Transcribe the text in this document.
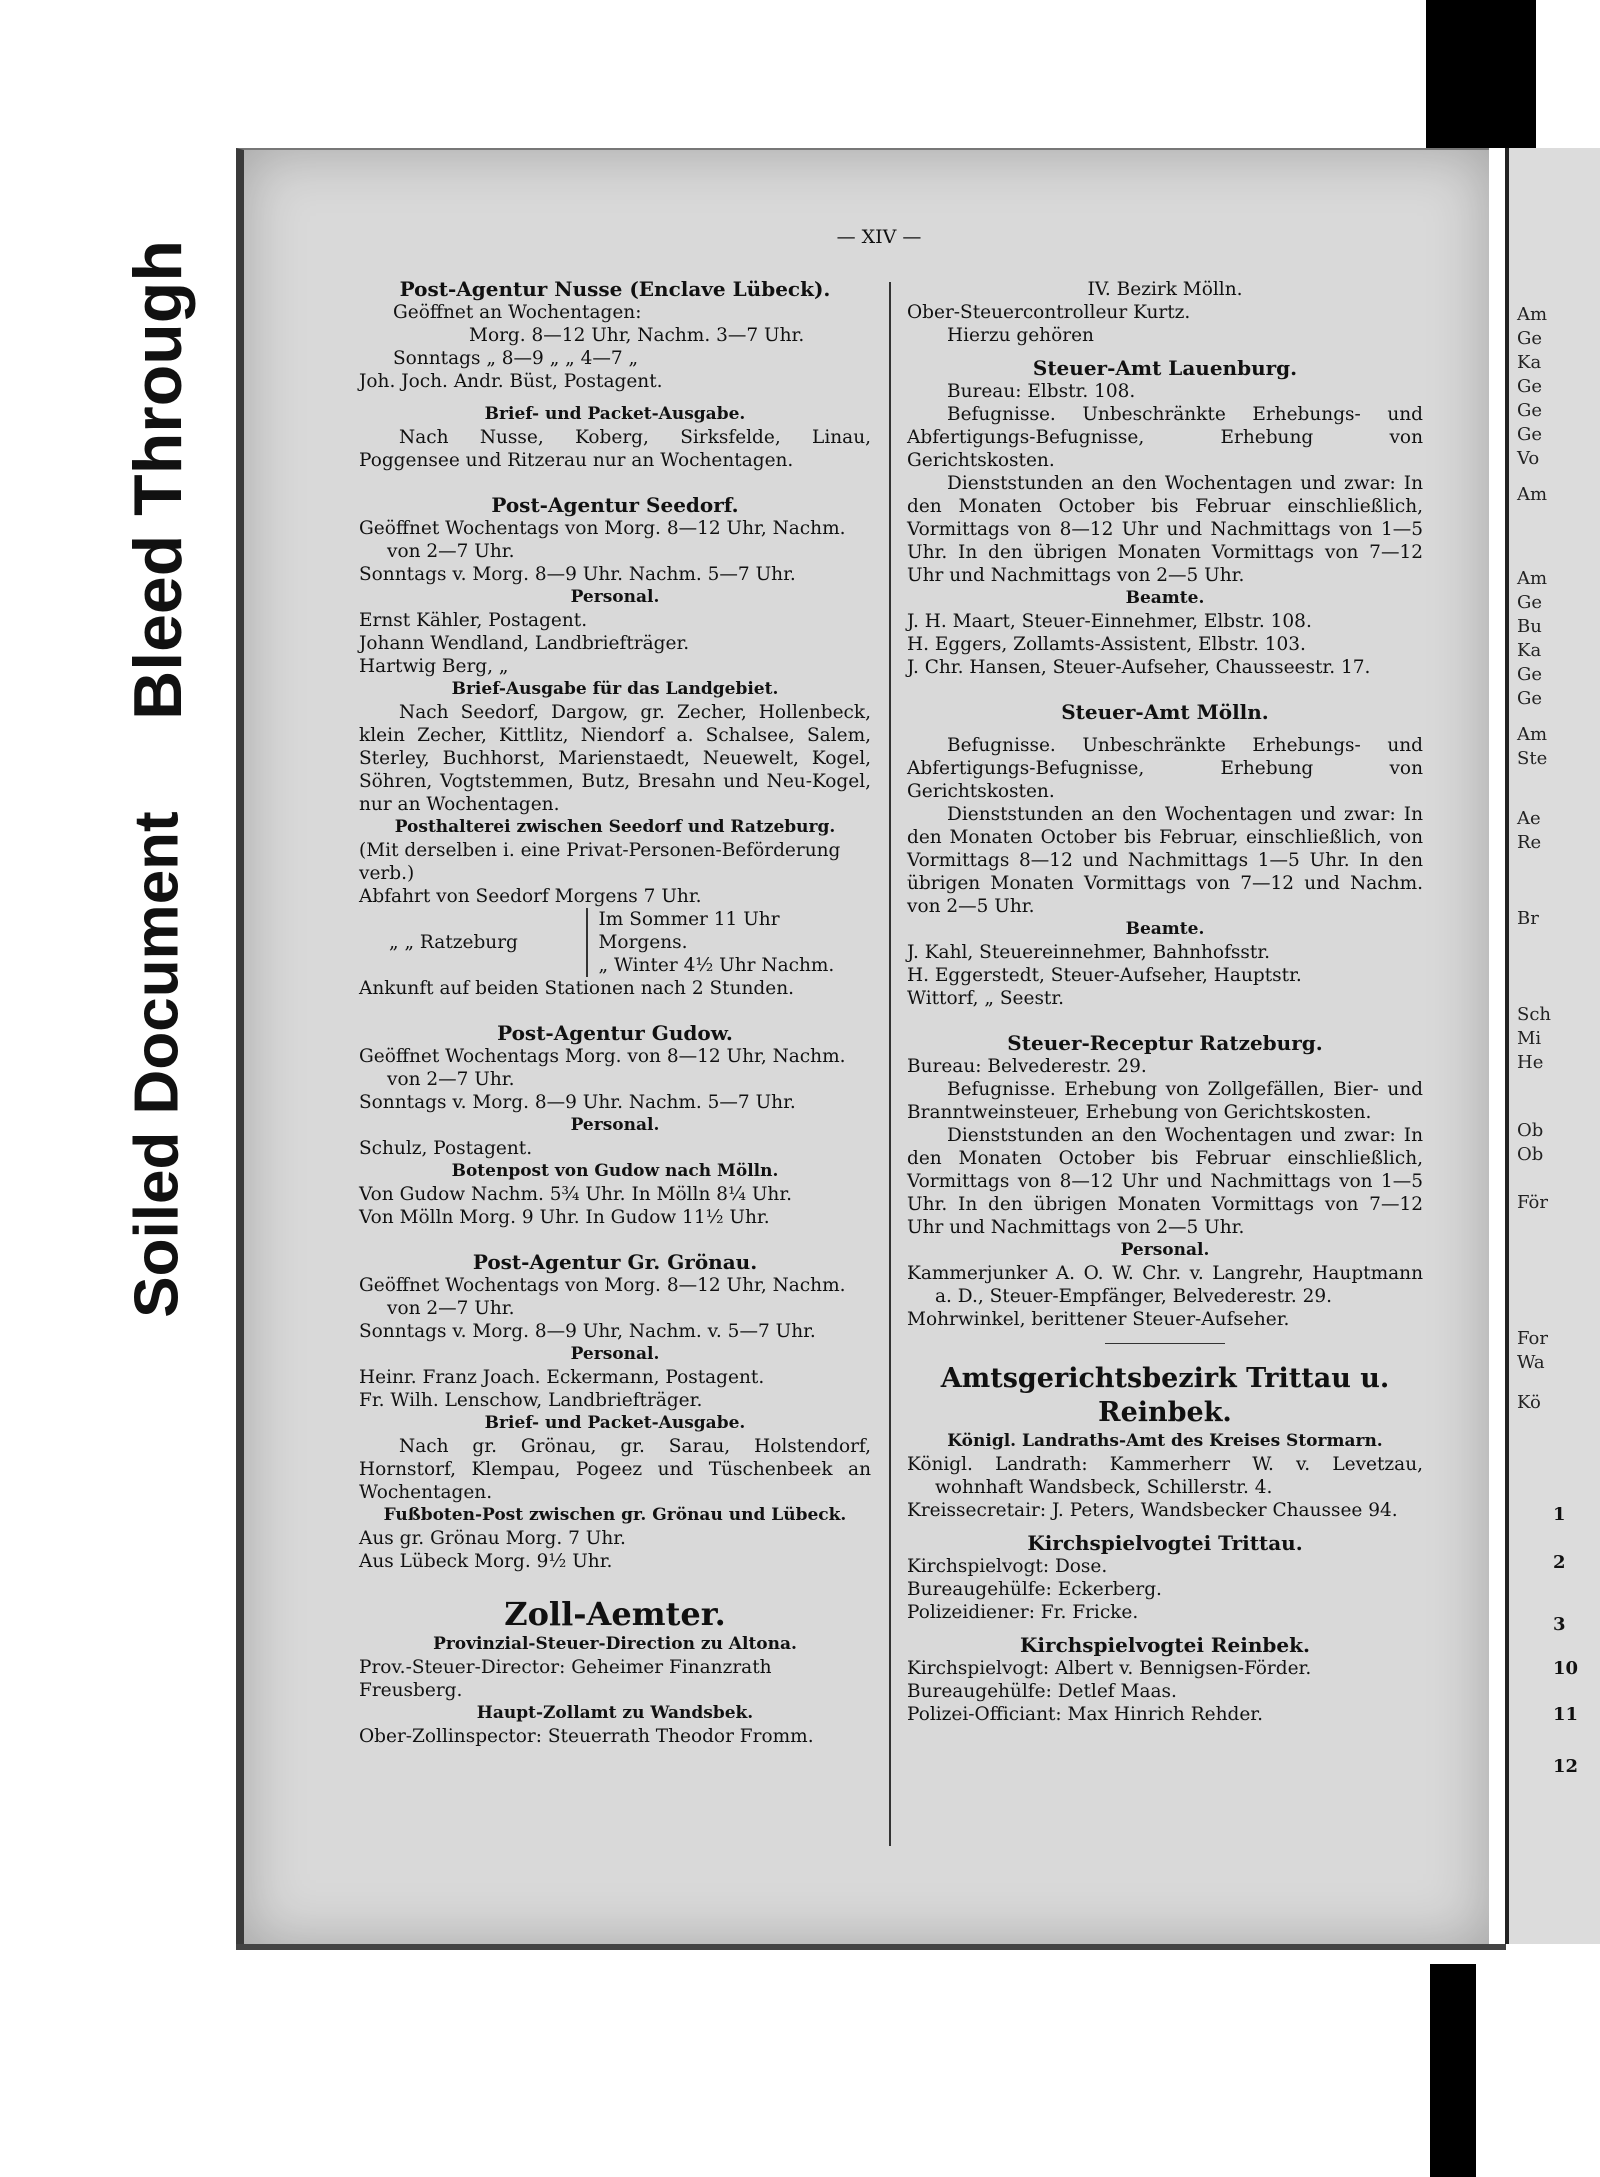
Bleed Through
Soiled Document
— XIV —

Post-Agentur Nusse (Enclave Lübeck).

Geöffnet an Wochentagen:

Morg. 8—12 Uhr, Nachm. 3—7 Uhr.

Sonntags „ 8—9 „ „ 4—7 „

Joh. Joch. Andr. Büst, Postagent.

Brief- und Packet-Ausgabe.

Nach Nusse, Koberg, Sirksfelde, Linau, Poggensee und Ritzerau nur an Wochentagen.

Post-Agentur Seedorf.

Geöffnet Wochentags von Morg. 8—12 Uhr, Nachm. von 2—7 Uhr.

Sonntags v. Morg. 8—9 Uhr. Nachm. 5—7 Uhr.

Personal.

Ernst Kähler, Postagent.

Johann Wendland, Landbriefträger.

Hartwig Berg, „

Brief-Ausgabe für das Landgebiet.

Nach Seedorf, Dargow, gr. Zecher, Hollenbeck, klein Zecher, Kittlitz, Niendorf a. Schalsee, Salem, Sterley, Buchhorst, Marienstaedt, Neuewelt, Kogel, Söhren, Vogtstemmen, Butz, Bresahn und Neu-Kogel, nur an Wochentagen.

Posthalterei zwischen Seedorf und Ratzeburg.

(Mit derselben i. eine Privat-Personen-Beförderung verb.)

Abfahrt von Seedorf Morgens 7 Uhr.

„ „ Ratzeburg

Im Sommer 11 Uhr Morgens.

„ Winter 4½ Uhr Nachm.

Ankunft auf beiden Stationen nach 2 Stunden.

Post-Agentur Gudow.

Geöffnet Wochentags Morg. von 8—12 Uhr, Nachm. von 2—7 Uhr.

Sonntags v. Morg. 8—9 Uhr. Nachm. 5—7 Uhr.

Personal.

Schulz, Postagent.

Botenpost von Gudow nach Mölln.

Von Gudow Nachm. 5¾ Uhr. In Mölln 8¼ Uhr.

Von Mölln Morg. 9 Uhr. In Gudow 11½ Uhr.

Post-Agentur Gr. Grönau.

Geöffnet Wochentags von Morg. 8—12 Uhr, Nachm. von 2—7 Uhr.

Sonntags v. Morg. 8—9 Uhr, Nachm. v. 5—7 Uhr.

Personal.

Heinr. Franz Joach. Eckermann, Postagent.

Fr. Wilh. Lenschow, Landbriefträger.

Brief- und Packet-Ausgabe.

Nach gr. Grönau, gr. Sarau, Holstendorf, Hornstorf, Klempau, Pogeez und Tüschenbeek an Wochentagen.

Fußboten-Post zwischen gr. Grönau und Lübeck.

Aus gr. Grönau Morg. 7 Uhr.

Aus Lübeck Morg. 9½ Uhr.

Zoll-Aemter.

Provinzial-Steuer-Direction zu Altona.

Prov.-Steuer-Director: Geheimer Finanzrath Freusberg.

Haupt-Zollamt zu Wandsbek.

Ober-Zollinspector: Steuerrath Theodor Fromm.

IV. Bezirk Mölln.

Ober-Steuercontrolleur Kurtz.

Hierzu gehören

Steuer-Amt Lauenburg.

Bureau: Elbstr. 108.

Befugnisse. Unbeschränkte Erhebungs- und Abfertigungs-Befugnisse, Erhebung von Gerichtskosten.

Dienststunden an den Wochentagen und zwar: In den Monaten October bis Februar einschließlich, Vormittags von 8—12 Uhr und Nachmittags von 1—5 Uhr. In den übrigen Monaten Vormittags von 7—12 Uhr und Nachmittags von 2—5 Uhr.

Beamte.

J. H. Maart, Steuer-Einnehmer, Elbstr. 108.

H. Eggers, Zollamts-Assistent, Elbstr. 103.

J. Chr. Hansen, Steuer-Aufseher, Chausseestr. 17.

Steuer-Amt Mölln.

Befugnisse. Unbeschränkte Erhebungs- und Abfertigungs-Befugnisse, Erhebung von Gerichtskosten.

Dienststunden an den Wochentagen und zwar: In den Monaten October bis Februar, einschließlich, von Vormittags 8—12 und Nachmittags 1—5 Uhr. In den übrigen Monaten Vormittags von 7—12 und Nachm. von 2—5 Uhr.

Beamte.

J. Kahl, Steuereinnehmer, Bahnhofsstr.

H. Eggerstedt, Steuer-Aufseher, Hauptstr.

Wittorf, „ Seestr.

Steuer-Receptur Ratzeburg.

Bureau: Belvederestr. 29.

Befugnisse. Erhebung von Zollgefällen, Bier- und Branntweinsteuer, Erhebung von Gerichtskosten.

Dienststunden an den Wochentagen und zwar: In den Monaten October bis Februar einschließlich, Vormittags von 8—12 Uhr und Nachmittags von 1—5 Uhr. In den übrigen Monaten Vormittags von 7—12 Uhr und Nachmittags von 2—5 Uhr.

Personal.

Kammerjunker A. O. W. Chr. v. Langrehr, Hauptmann a. D., Steuer-Empfänger, Belvederestr. 29.

Mohrwinkel, berittener Steuer-Aufseher.

Amtsgerichtsbezirk Trittau u. Reinbek.

Königl. Landraths-Amt des Kreises Stormarn.

Königl. Landrath: Kammerherr W. v. Levetzau, wohnhaft Wandsbeck, Schillerstr. 4.

Kreissecretair: J. Peters, Wandsbecker Chaussee 94.

Kirchspielvogtei Trittau.

Kirchspielvogt: Dose.

Bureaugehülfe: Eckerberg.

Polizeidiener: Fr. Fricke.

Kirchspielvogtei Reinbek.

Kirchspielvogt: Albert v. Bennigsen-Förder.

Bureaugehülfe: Detlef Maas.

Polizei-Officiant: Max Hinrich Rehder.

Am
Ge
Ka
Ge
Ge
Ge
Vo
Am
Am
Ge
Bu
Ka
Ge
Ge
Am
Ste
Ae
Re
Br
Sch
Mi
He
Ob
Ob
För
For
Wa
Kö
1
2
3
10
11
12
